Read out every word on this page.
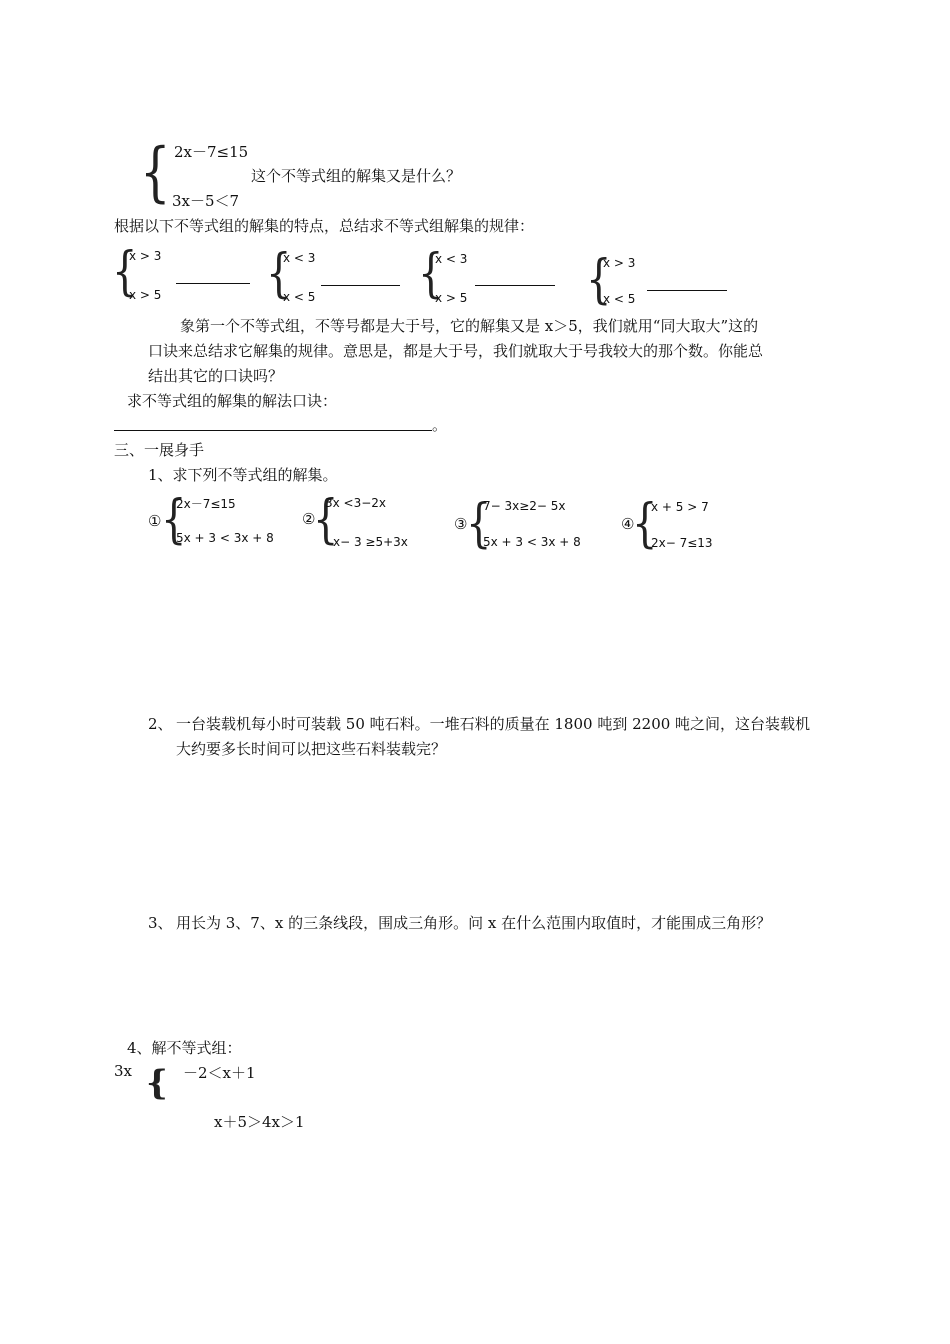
{ 2x－7≤15
这个不等式组的解集又是什么？
3x－5＜7
根据以下不等式组的解集的特点，总结求不等式组解集的规律：
{
x > 3
x > 5	{
x < 3
x < 5	{
x < 3
x > 5	{
x > 3
x < 5
象第一个不等式组，不等号都是大于号，它的解集又是 x＞5，我们就用“同大取大”这的
口诀来总结求它解集的规律。意思是，都是大于号，我们就取大于号我较大的那个数。你能总
结出其它的口诀吗？
求不等式组的解集的解法口诀：
。
三、一展身手
1、求下列不等式组的解集。
① {
2x－7≤15
5x + 3 < 3x + 8
②
{
3x <3−2x
x− 3 ≥5+3x
③
{
7− 3x≥2− 5x
5x + 3 < 3x + 8
④
{
x + 5 > 7
2x− 7≤13
2、 一台装载机每小时可装载 50 吨石料。一堆石料的质量在 1800 吨到 2200 吨之间，这台装载机
大约要多长时间可以把这些石料装载完？
3、 用长为 3、7、x 的三条线段，围成三角形。问 x 在什么范围内取值时，才能围成三角形？
4、解不等式组：
3x { －2＜x＋1
x＋5＞4x＞1
